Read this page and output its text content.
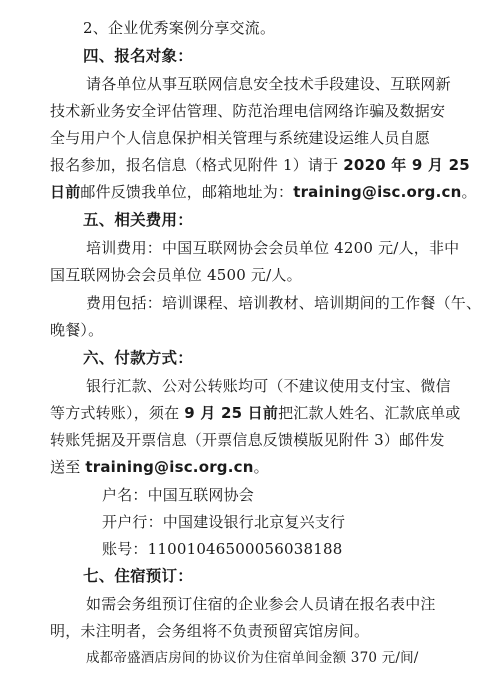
2、企业优秀案例分享交流。
四、报名对象：
请各单位从事互联网信息安全技术手段建设、互联网新
技术新业务安全评估管理、防范治理电信网络诈骗及数据安
全与用户个人信息保护相关管理与系统建设运维人员自愿
报名参加，报名信息（格式见附件 1）请于 2020 年 9 月 25
日前邮件反馈我单位，邮箱地址为：training@isc.org.cn。
五、相关费用：
培训费用：中国互联网协会会员单位 4200 元/人，非中
国互联网协会会员单位 4500 元/人。
费用包括：培训课程、培训教材、培训期间的工作餐（午、
晚餐）。
六、付款方式：
银行汇款、公对公转账均可（不建议使用支付宝、微信
等方式转账），须在 9 月 25 日前把汇款人姓名、汇款底单或
转账凭据及开票信息（开票信息反馈模版见附件 3）邮件发
送至 training@isc.org.cn。
户名：中国互联网协会
开户行：中国建设银行北京复兴支行
账号：11001046500056038188
七、住宿预订：
如需会务组预订住宿的企业参会人员请在报名表中注
明，未注明者，会务组将不负责预留宾馆房间。
成都帝盛酒店房间的协议价为住宿单间金额 370 元/间/
